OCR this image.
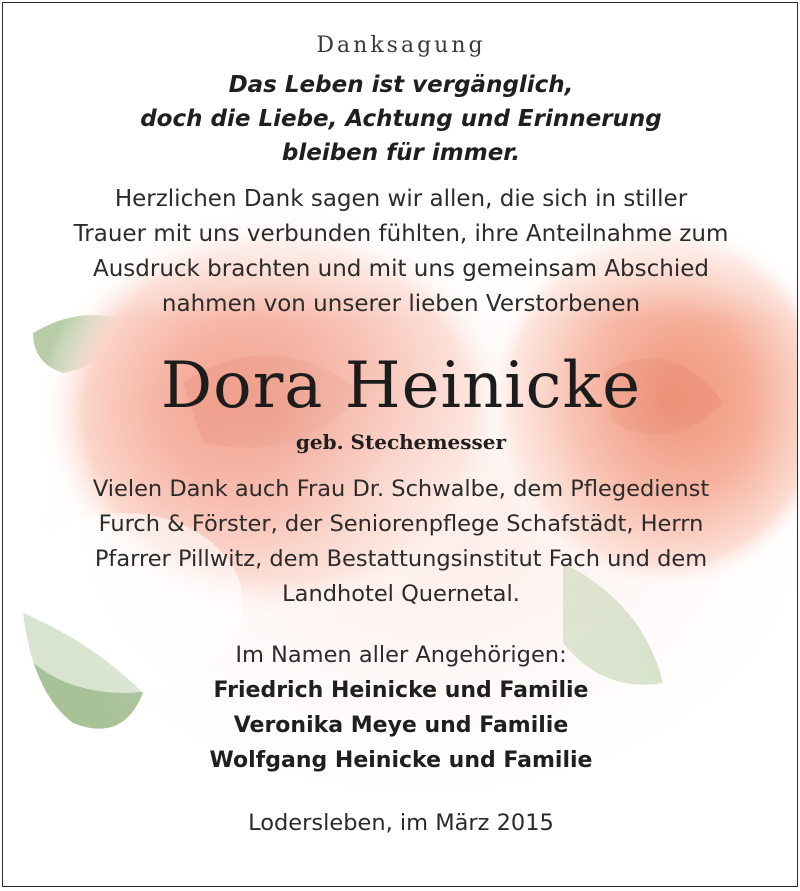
Danksagung
Das Leben ist vergänglich,
doch die Liebe, Achtung und Erinnerung
bleiben für immer.
Herzlichen Dank sagen wir allen, die sich in stiller
Trauer mit uns verbunden fühlten, ihre Anteilnahme zum
Ausdruck brachten und mit uns gemeinsam Abschied
nahmen von unserer lieben Verstorbenen
Dora Heinicke
geb. Stechemesser
Vielen Dank auch Frau Dr. Schwalbe, dem Pflegedienst
Furch & Förster, der Seniorenpflege Schafstädt, Herrn
Pfarrer Pillwitz, dem Bestattungsinstitut Fach und dem
Landhotel Quernetal.
Im Namen aller Angehörigen:
Friedrich Heinicke und Familie
Veronika Meye und Familie
Wolfgang Heinicke und Familie
Lodersleben, im März 2015
